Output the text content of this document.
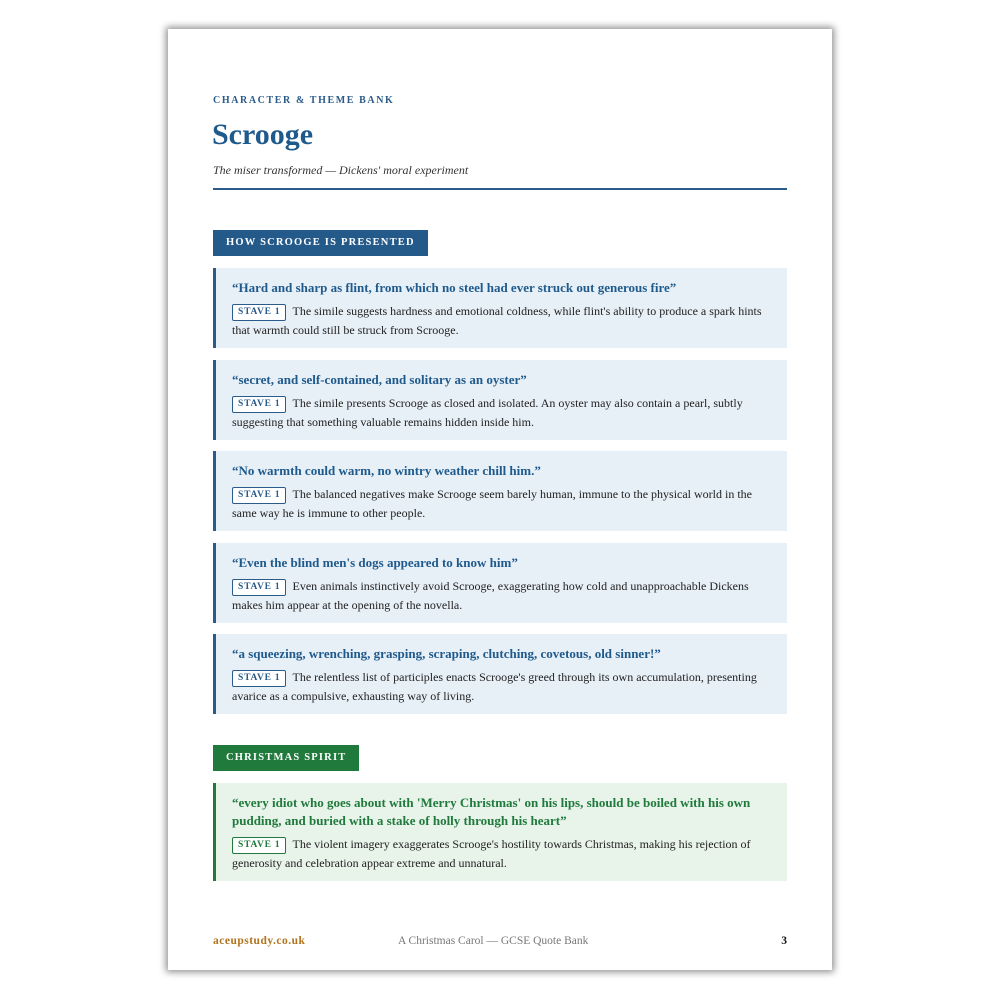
CHARACTER & THEME BANK
Scrooge
The miser transformed — Dickens' moral experiment
HOW SCROOGE IS PRESENTED
“Hard and sharp as flint, from which no steel had ever struck out generous fire”
STAVE 1 The simile suggests hardness and emotional coldness, while flint's ability to produce a spark hints that warmth could still be struck from Scrooge.
“secret, and self-contained, and solitary as an oyster”
STAVE 1 The simile presents Scrooge as closed and isolated. An oyster may also contain a pearl, subtly suggesting that something valuable remains hidden inside him.
“No warmth could warm, no wintry weather chill him.”
STAVE 1 The balanced negatives make Scrooge seem barely human, immune to the physical world in the same way he is immune to other people.
“Even the blind men's dogs appeared to know him”
STAVE 1 Even animals instinctively avoid Scrooge, exaggerating how cold and unapproachable Dickens makes him appear at the opening of the novella.
“a squeezing, wrenching, grasping, scraping, clutching, covetous, old sinner!”
STAVE 1 The relentless list of participles enacts Scrooge's greed through its own accumulation, presenting avarice as a compulsive, exhausting way of living.
CHRISTMAS SPIRIT
“every idiot who goes about with 'Merry Christmas' on his lips, should be boiled with his own pudding, and buried with a stake of holly through his heart”
STAVE 1 The violent imagery exaggerates Scrooge's hostility towards Christmas, making his rejection of generosity and celebration appear extreme and unnatural.
aceupstudy.co.uk	A Christmas Carol — GCSE Quote Bank	3
